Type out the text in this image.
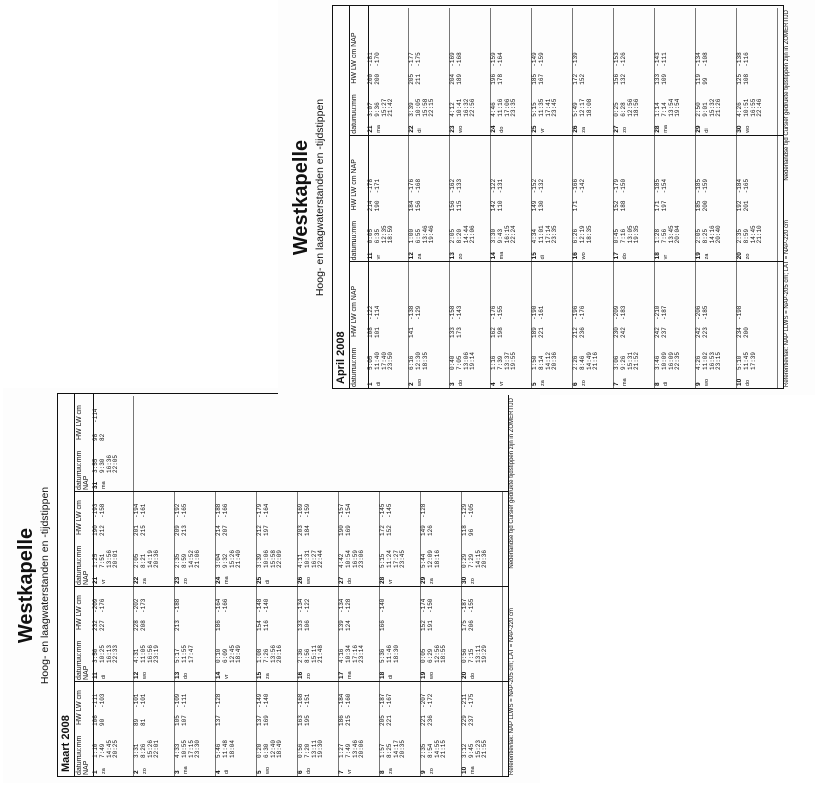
Westkapelle Hoog- en laagwaterstanden en -tijdstippen
Maart 2008 datumuu:mmHW LW cm NAP
datumuu:mmHW LW cm NAP
datumuu:mmHW LW cm NAP
datumuu:mmHW LW cm NAP
1 za
1:10
7:49
14:45
20:25
106
90
-111
-103
2 zo
3:31
8:26
15:26
22:01
89
81
-101
-101
3 ma
4:33
10:55
17:15
23:30
105
107
-109
-111
4 di
5:46
11:48
18:04
137
-128
5 wo
0:20
6:30
12:40
18:49
137
169
-149
-140
6 do
0:56
7:20
13:11
19:30
163
195
-168
-151
7 vr
1:27
7:49
13:46
20:06
186
215
-184
-160
8 za
1:57
8:25
14:17
20:35
205
221
-187
-167
9 zo
2:35
8:54
14:55
21:15
221
236
-207
-172
10 ma
3:12
9:45
15:23
21:55
229
237
-211
-175
11 di
3:50
10:25
16:13
22:33
232
227
-209
-176
12 wo
4:31
11:05
16:56
23:19
228
208
-202
-173
13 do
5:17
11:55
17:47
213
-188
14 vr
0:10
6:09
12:45
18:49
186
-164
-166
15 za
1:08
7:26
13:56
20:16
154
116
-148
-140
16 zo
2:36
8:56
15:11
21:48
133
106
-134
-122
17 ma
4:16
10:34
17:16
23:14
139
124
-134
-128
18 di
5:36
11:46
18:30
166
-140
19 wo
0:05
6:29
12:56
18:55
152
191
-174
-150
20 do
0:56
7:15
13:11
19:29
175
206
-187
-155
21 vr
1:25
7:51
13:56
20:01
190
212
-193
-158
22 za
2:05
8:21
14:19
20:36
201
215
-194
-161
23 zo
2:35
8:59
14:52
21:06
209
213
-192
-165
24 ma
3:04
9:32
15:26
21:40
214
207
-188
-166
25 di
3:39
10:06
15:58
22:09
212
197
-179
-164
26 wo
4:11
10:31
16:27
22:44
203
184
-169
-159
27 do
4:42
10:54
16:59
23:06
190
169
-157
-154
28 vr
5:15
11:24
17:27
23:45
172
152
-145
-145
29 za
5:44
12:09
18:16
149
126
-128
30 zo
0:29
7:29
14:15
20:36
118
96
-129
-105
31 ma
3:55
9:30
16:36
22:05
98
82
-114
Referentievlak: NAP LLWS = NAP-205 cm; LAT = NAP-220 cm
Nederlandse tijd Cursief gedrukte tijdstippen zijn in ZOMERTIJD
Westkapelle Hoog- en laagwaterstanden en -tijdstippen
April 2008 datumuu:mmHW LW cm NAP
datumuu:mmHW LW cm NAP
datumuu:mmHW LW cm NAP
1 di
5:05
11:40
17:40
23:50
108
101
-122
-114
2 wo
6:16
12:30
18:35
141
-138
-129
3 do
0:40
7:05
13:06
19:14
133
173
-158
-143
4 vr
1:16
7:39
13:37
19:55
162
198
-176
-155
5 za
1:50
8:14
14:12
20:36
189
221
-190
-161
6 zo
2:26
8:46
14:49
21:16
212
236
-196
-176
7 ma
3:06
9:26
15:31
21:52
230
242
-209
-183
8 di
3:46
10:09
16:09
22:35
242
237
-210
-187
9 wo
4:26
11:02
16:53
23:15
242
223
-206
-185
10 do
5:10
11:45
17:39
234
200
-198
11 vr
0:05
6:35
12:35
18:59
214
190
-178
-171
12 za
1:00
6:55
13:46
19:46
184
156
-176
-168
13 zo
2:05
8:20
14:44
21:06
156
115
-162
-133
14 ma
3:30
9:43
16:15
22:24
142
110
-122
-131
15 di
4:34
11:01
17:14
23:35
149
130
-152
-132
16 wo
6:26
12:19
18:35
171
-166
-142
17 do
0:45
7:16
13:05
19:35
152
188
-179
-150
18 vr
1:28
7:56
13:45
20:04
171
197
-185
-154
19 za
2:05
8:25
14:16
20:40
185
200
-185
-159
20 zo
2:35
8:59
14:45
21:10
192
201
-184
-165
21 ma
3:07
9:36
15:27
21:42
200
200
-181
-170
22 di
3:39
10:05
15:58
22:15
205
211
-177
-175
23 wo
4:12
10:41
16:32
22:56
204
189
-169
-168
24 do
4:46
11:16
17:06
23:35
196
178
-159
-164
25 vr
5:15
11:35
17:41
23:45
185
167
-149
-159
26 za
5:49
12:17
18:08
172
152
-139
27 zo
0:25
6:28
12:56
18:56
156
132
-153
-126
28 ma
1:14
7:14
13:54
19:54
133
109
-143
-111
29 di
2:50
9:01
15:32
21:26
119
99
-134
-108
30 wo
4:26
10:51
16:55
22:46
125
108
-138
-116
Referentievlak: NAP LLWS = NAP-205 cm; LAT = NAP-220 cm
Nederlandse tijd Cursief gedrukte tijdstippen zijn in ZOMERTIJD
